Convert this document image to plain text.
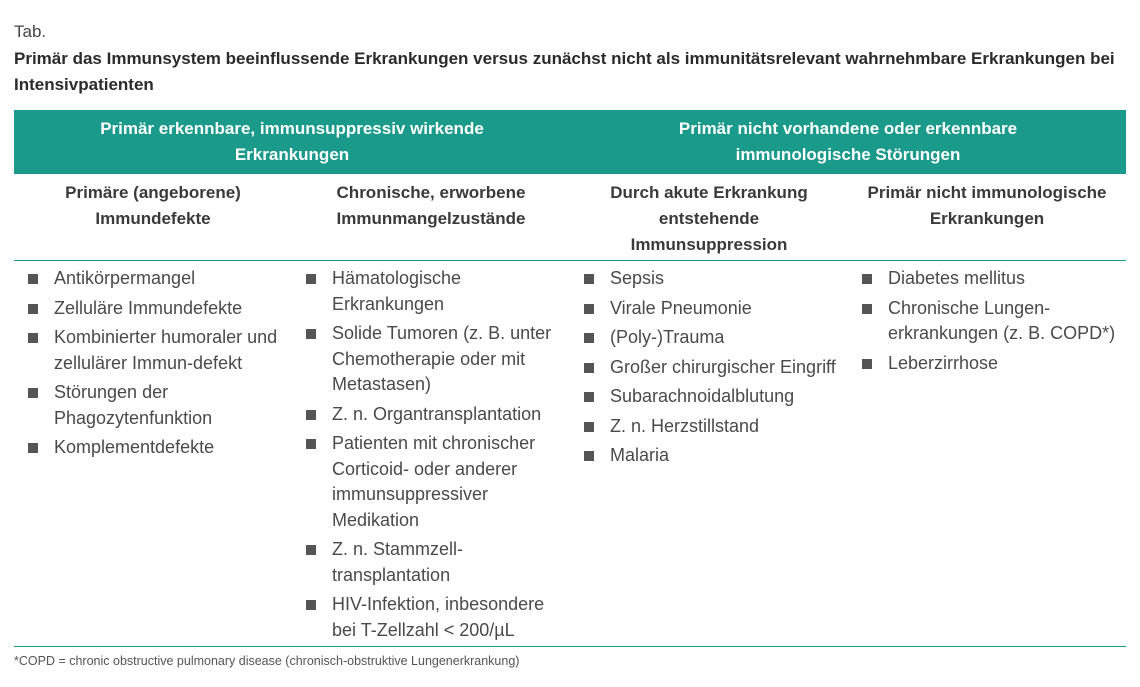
Tab.
Primär das Immunsystem beeinflussende Erkrankungen versus zunächst nicht als immunitätsrelevant wahrnehmbare Erkrankungen bei Intensivpatienten
Primär erkennbare, immunsuppressiv wirkende Erkrankungen
Primär nicht vorhandene oder erkennbare immunologische Störungen
Primäre (angeborene) Immundefekte
Chronische, erworbene Immunmangelzustände
Durch akute Erkrankung entstehende Immunsuppression
Primär nicht immunologische Erkrankungen
Antikörpermangel
Zelluläre Immundefekte
Kombinierter humoraler und zellulärer Immun-defekt
Störungen der Phagozytenfunktion
Komplementdefekte
Hämatologische Erkrankungen
Solide Tumoren (z. B. unter Chemotherapie oder mit Metastasen)
Z. n. Organtransplantation
Patienten mit chronischer Corticoid- oder anderer immunsuppressiver Medikation
Z. n. Stammzell-transplantation
HIV-Infektion, inbesondere bei T-Zellzahl < 200/µL
Sepsis
Virale Pneumonie
(Poly-)Trauma
Großer chirurgischer Eingriff
Subarachnoidalblutung
Z. n. Herzstillstand
Malaria
Diabetes mellitus
Chronische Lungen-erkrankungen (z. B. COPD*)
Leberzirrhose
*COPD = chronic obstructive pulmonary disease (chronisch-obstruktive Lungenerkrankung)
